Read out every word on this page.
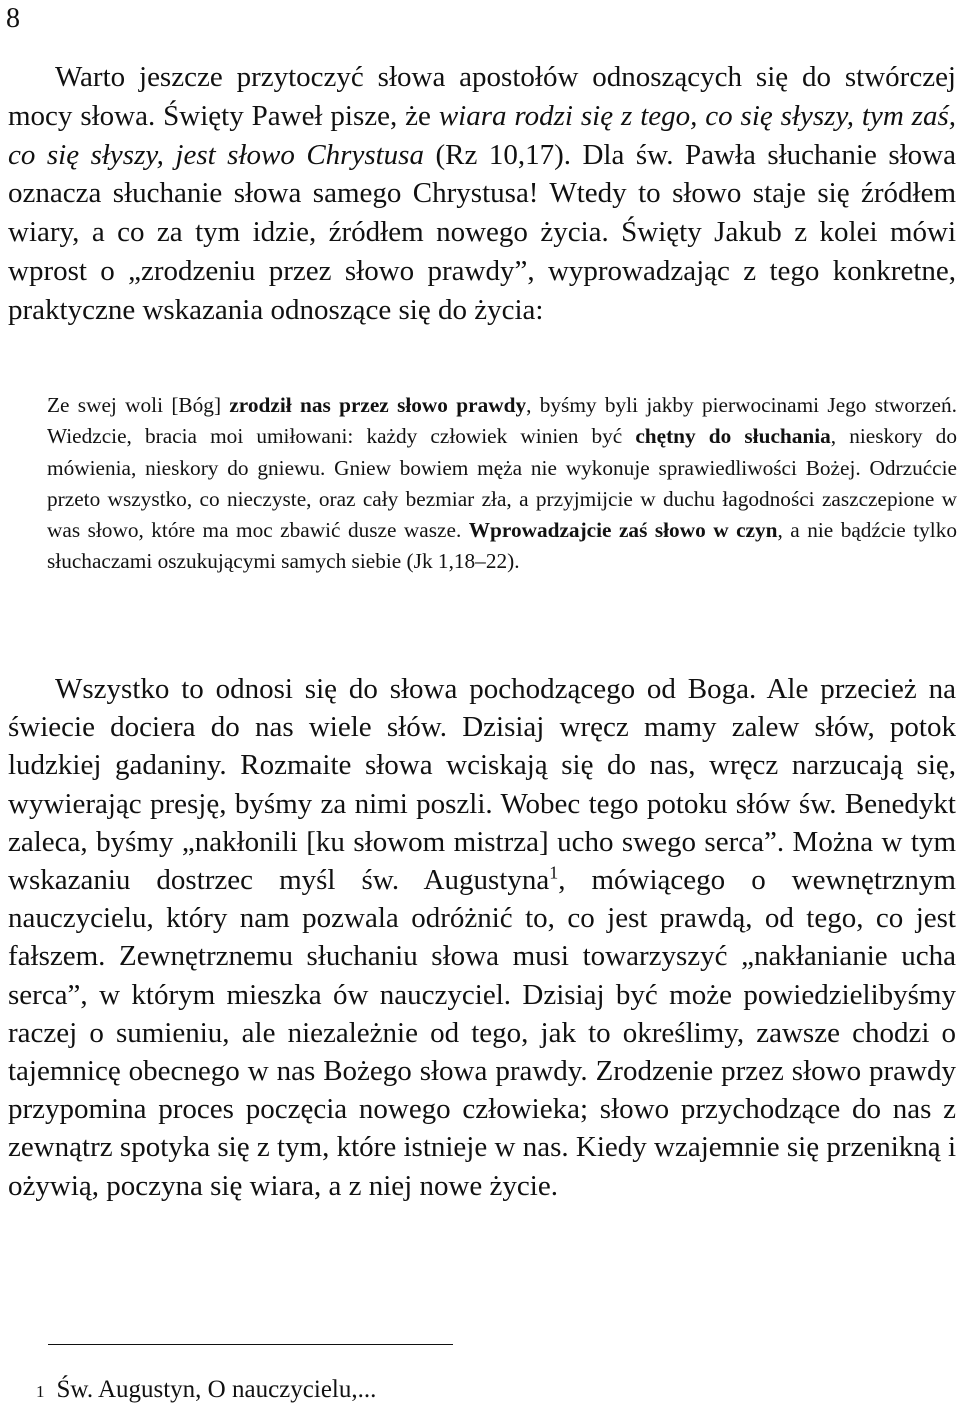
8

Warto jeszcze przytoczyć słowa apostołów odnoszących się do stwórczej mocy słowa. Święty Paweł pisze, że wiara rodzi się z tego, co się słyszy, tym zaś, co się słyszy, jest słowo Chrystusa (Rz 10,17). Dla św. Pawła słuchanie słowa oznacza słuchanie słowa samego Chrystusa! Wtedy to słowo staje się źródłem wiary, a co za tym idzie, źródłem nowego życia. Święty Jakub z kolei mówi wprost o „zrodzeniu przez słowo prawdy”, wyprowadzając z tego konkretne, praktyczne wskazania odnoszące się do życia:

Ze swej woli [Bóg] zrodził nas przez słowo prawdy, byśmy byli jakby pierwocinami Jego stworzeń. Wiedzcie, bracia moi umiłowani: każdy człowiek winien być chętny do słuchania, nieskory do mówienia, nieskory do gniewu. Gniew bowiem męża nie wykonuje sprawiedliwości Bożej. Odrzućcie przeto wszystko, co nieczyste, oraz cały bezmiar zła, a przyjmijcie w duchu łagodności zaszczepione w was słowo, które ma moc zbawić dusze wasze. Wprowadzajcie zaś słowo w czyn, a nie bądźcie tylko słuchaczami oszukującymi samych siebie (Jk 1,18–22).

Wszystko to odnosi się do słowa pochodzącego od Boga. Ale przecież na świecie dociera do nas wiele słów. Dzisiaj wręcz mamy zalew słów, potok ludzkiej gadaniny. Rozmaite słowa wciskają się do nas, wręcz narzucają się, wywierając presję, byśmy za nimi poszli. Wobec tego potoku słów św. Benedykt zaleca, byśmy „nakłonili [ku słowom mistrza] ucho swego serca”. Można w tym wskazaniu dostrzec myśl św. Augustyna$^1$, mówiącego o wewnętrznym nauczycielu, który nam pozwala odróżnić to, co jest prawdą, od tego, co jest fałszem. Zewnętrznemu słuchaniu słowa musi towarzyszyć „nakłanianie ucha serca”, w którym mieszka ów nauczyciel. Dzisiaj być może powiedzielibyśmy raczej o sumieniu, ale niezależnie od tego, jak to określimy, zawsze chodzi o tajemnicę obecnego w nas Bożego słowa prawdy. Zrodzenie przez słowo prawdy przypomina proces poczęcia nowego człowieka; słowo przychodzące do nas z zewnątrz spotyka się z tym, które istnieje w nas. Kiedy wzajemnie się przenikną i ożywią, poczyna się wiara, a z niej nowe życie.

$^1$ Św. Augustyn, O nauczycielu,...
